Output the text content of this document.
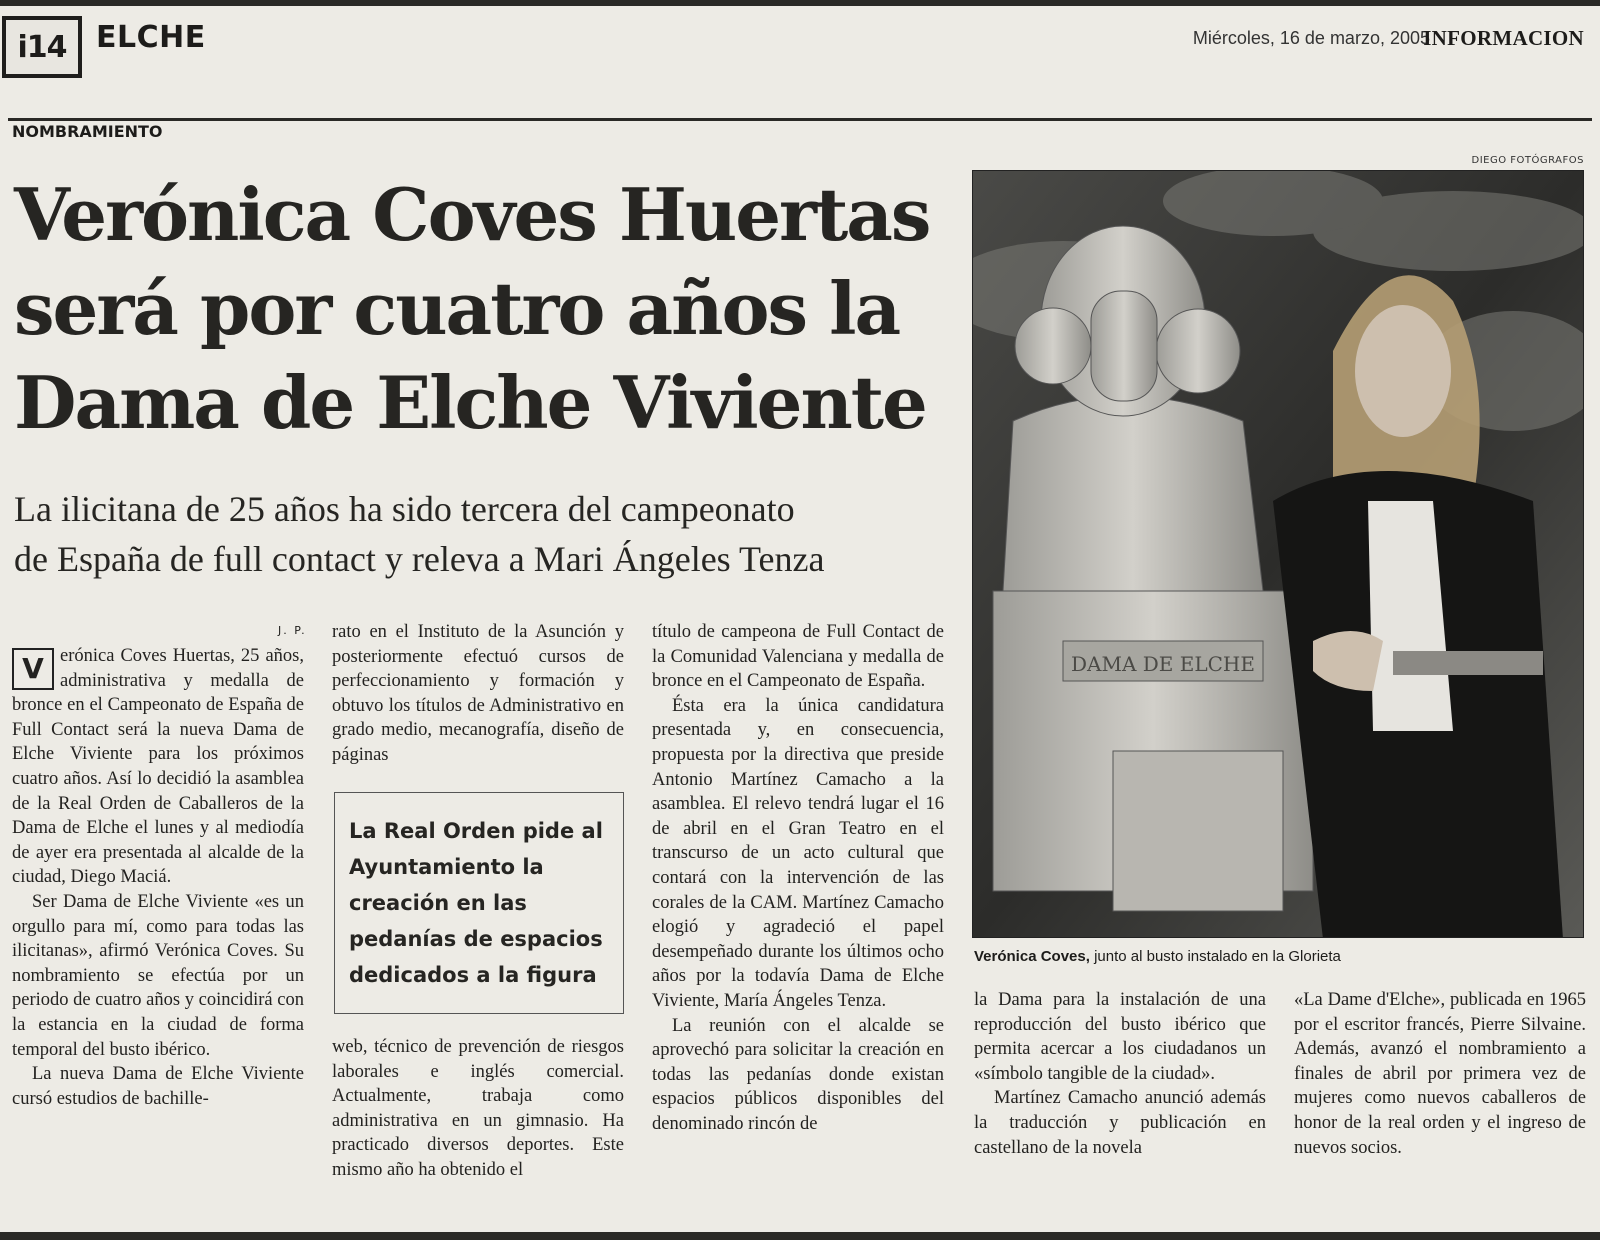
i14 ELCHE	Miércoles, 16 de marzo, 2005
INFORMACION
NOMBRAMIENTO
Verónica Coves Huertas
será por cuatro años la
Dama de Elche Viviente
La ilicitana de 25 años ha sido tercera del campeonato
de España de full contact y releva a Mari Ángeles Tenza
DIEGO FOTÓGRAFOS
DAMA DE ELCHE
Verónica Coves, junto al busto instalado en la Glorieta
J. P.

V erónica Coves Huertas, 25 años, administrativa y medalla de bronce en el Campeonato de España de Full Contact será la nueva Dama de Elche Viviente para los próximos cuatro años. Así lo decidió la asamblea de la Real Orden de Caballeros de la Dama de Elche el lunes y al mediodía de ayer era presentada al alcalde de la ciudad, Diego Maciá.

Ser Dama de Elche Viviente «es un orgullo para mí, como para todas las ilicitanas», afirmó Verónica Coves. Su nombramiento se efectúa por un periodo de cuatro años y coincidirá con la estancia en la ciudad de forma temporal del busto ibérico.

La nueva Dama de Elche Viviente cursó estudios de bachille-

rato en el Instituto de la Asunción y posteriormente efectuó cursos de perfeccionamiento y formación y obtuvo los títulos de Administrativo en grado medio, mecanografía, diseño de páginas

La Real Orden pide al Ayuntamiento la creación en las pedanías de espacios dedicados a la figura

web, técnico de prevención de riesgos laborales e inglés comercial. Actualmente, trabaja como administrativa en un gimnasio. Ha practicado diversos deportes. Este mismo año ha obtenido el

título de campeona de Full Contact de la Comunidad Valenciana y medalla de bronce en el Campeonato de España.

Ésta era la única candidatura presentada y, en consecuencia, propuesta por la directiva que preside Antonio Martínez Camacho a la asamblea. El relevo tendrá lugar el 16 de abril en el Gran Teatro en el transcurso de un acto cultural que contará con la intervención de las corales de la CAM. Martínez Camacho elogió y agradeció el papel desempeñado durante los últimos ocho años por la todavía Dama de Elche Viviente, María Ángeles Tenza.

La reunión con el alcalde se aprovechó para solicitar la creación en todas las pedanías donde existan espacios públicos disponibles del denominado rincón de

la Dama para la instalación de una reproducción del busto ibérico que permita acercar a los ciudadanos un «símbolo tangible de la ciudad».

Martínez Camacho anunció además la traducción y publicación en castellano de la novela

«La Dame d'Elche», publicada en 1965 por el escritor francés, Pierre Silvaine. Además, avanzó el nombramiento a finales de abril por primera vez de mujeres como nuevos caballeros de honor de la real orden y el ingreso de nuevos socios.
